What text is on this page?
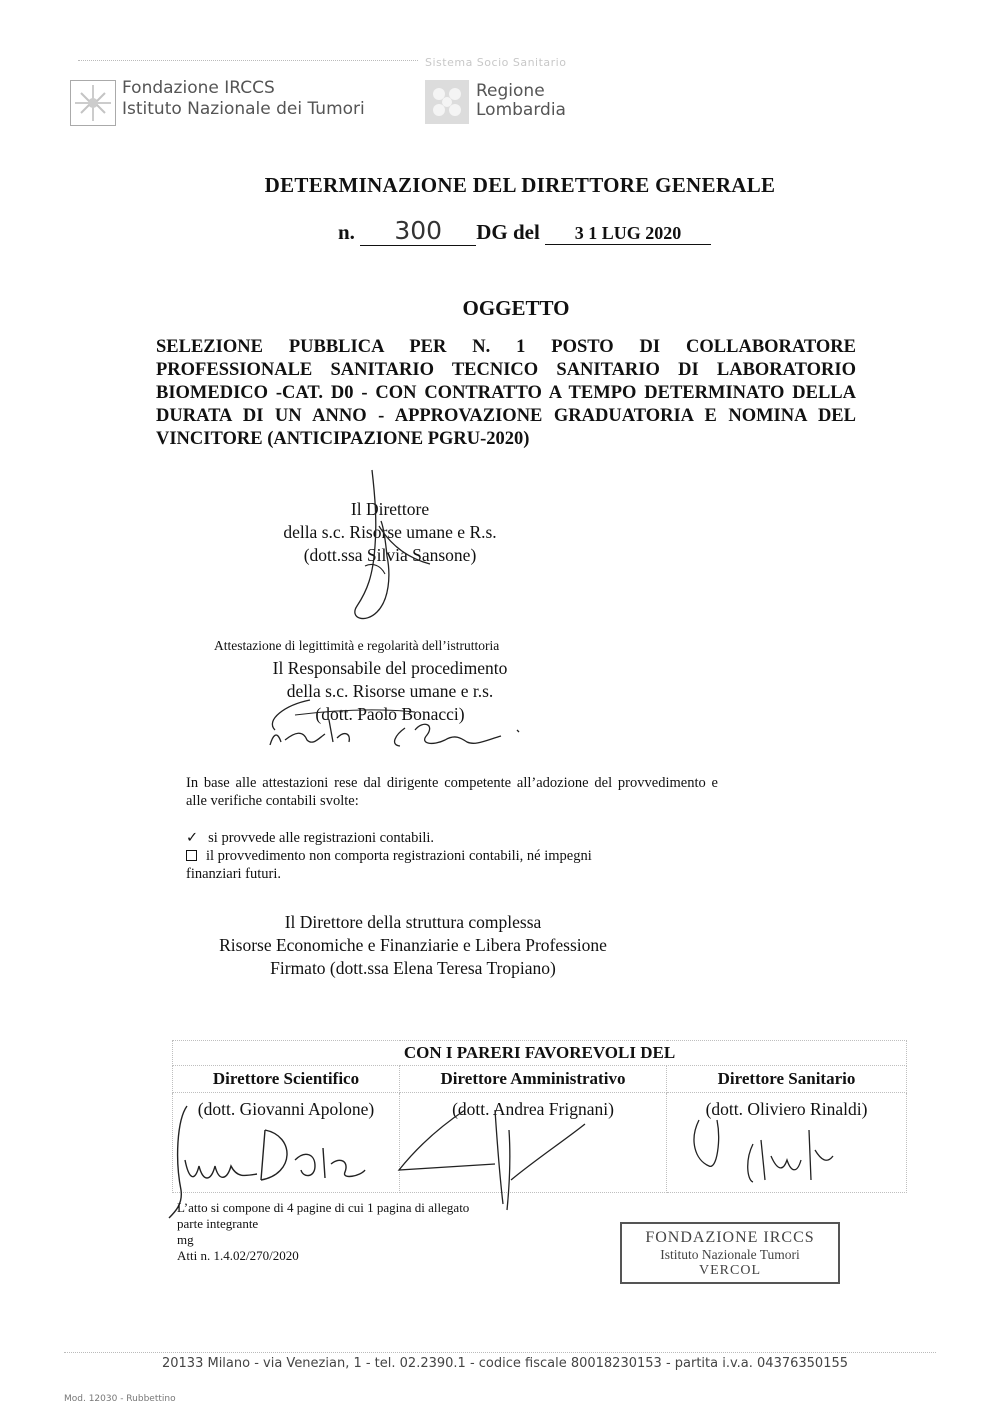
Fondazione IRCCS
Istituto Nazionale dei Tumori
Sistema Socio Sanitario
Regione
Lombardia
DETERMINAZIONE DEL DIRETTORE GENERALE
n. 300 DG del 3 1 LUG 2020
OGGETTO
SELEZIONE PUBBLICA PER N. 1 POSTO DI COLLABORATORE PROFESSIONALE SANITARIO TECNICO SANITARIO DI LABORATORIO BIOMEDICO -CAT. D0 - CON CONTRATTO A TEMPO DETERMINATO DELLA DURATA DI UN ANNO - APPROVAZIONE GRADUATORIA E NOMINA DEL VINCITORE (ANTICIPAZIONE PGRU-2020)
Il Direttore
della s.c. Risorse umane e R.s.
(dott.ssa Silvia Sansone)
Attestazione di legittimità e regolarità dell’istruttoria
Il Responsabile del procedimento
della s.c. Risorse umane e r.s.
(dott. Paolo Bonacci)
In base alle attestazioni rese dal dirigente competente all’adozione del provvedimento e alle verifiche contabili svolte:
✓ si provvede alle registrazioni contabili.
il provvedimento non comporta registrazioni contabili, né impegni
finanziari futuri.
Il Direttore della struttura complessa
Risorse Economiche e Finanziarie e Libera Professione
Firmato (dott.ssa Elena Teresa Tropiano)
CON I PARERI FAVOREVOLI DEL		
Direttore Scientifico	Direttore Amministrativo	Direttore Sanitario
(dott. Giovanni Apolone)	(dott. Andrea Frignani)	(dott. Oliviero Rinaldi)
L’atto si compone di 4 pagine di cui 1 pagina di allegato
parte integrante
mg
Atti n. 1.4.02/270/2020
FONDAZIONE IRCCS
Istituto Nazionale Tumori
VERCOL
20133 Milano - via Venezian, 1 - tel. 02.2390.1 - codice fiscale 80018230153 - partita i.v.a. 04376350155
Mod. 12030 - Rubbettino
